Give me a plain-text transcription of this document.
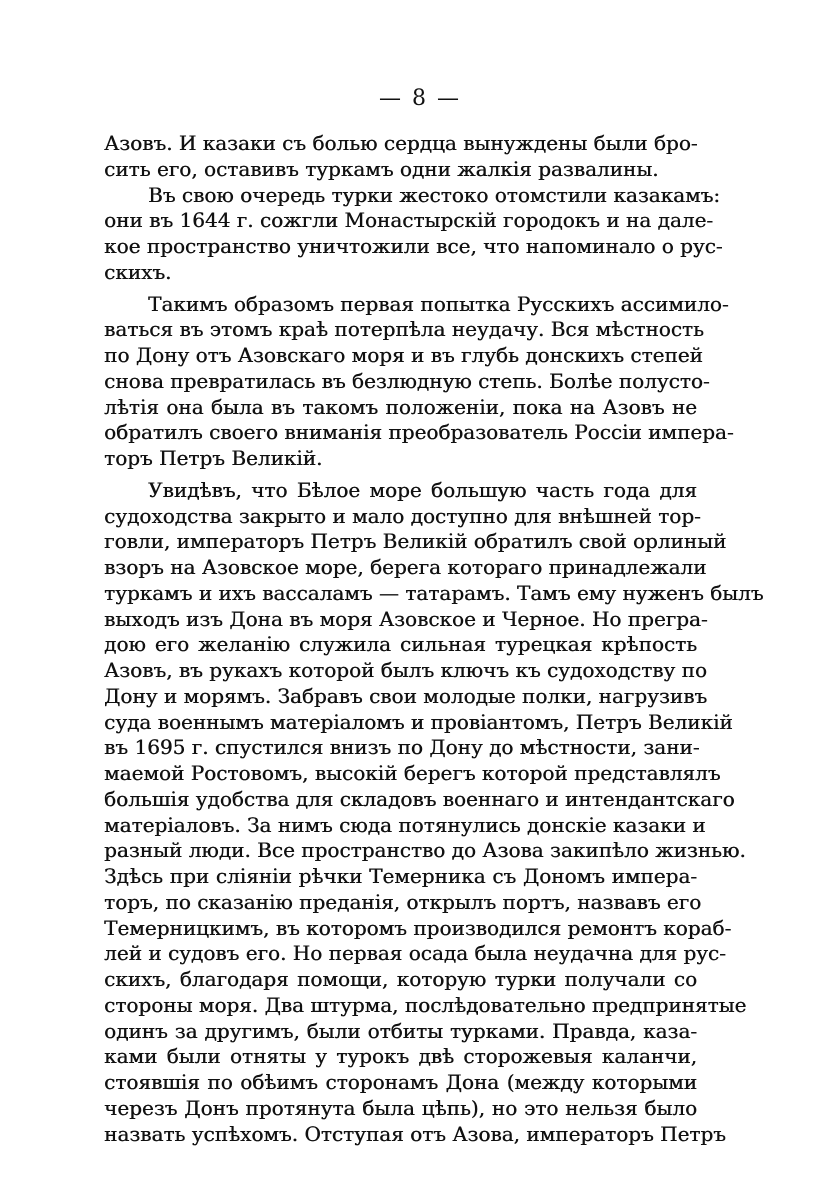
— 8 —
Азовъ. И казаки съ болью сердца вынуждены были бро-
сить его, оставивъ туркамъ одни жалкія развалины.
Въ свою очередь турки жестоко отомстили казакамъ:
они въ 1644 г. сожгли Монастырскій городокъ и на дале-
кое пространство уничтожили все, что напоминало о рус-
скихъ.
Такимъ образомъ первая попытка Русскихъ ассимило-
ваться въ этомъ краѣ потерпѣла неудачу. Вся мѣстность
по Дону отъ Азовскаго моря и въ глубь донскихъ степей
снова превратилась въ безлюдную степь. Болѣе полусто-
лѣтія она была въ такомъ положеніи, пока на Азовъ не
обратилъ своего вниманія преобразователь Россіи импера-
торъ Петръ Великій.
Увидѣвъ, что Бѣлое море большую часть года для
судоходства закрыто и мало доступно для внѣшней тор-
говли, императоръ Петръ Великій обратилъ свой орлиный
взоръ на Азовское море, берега котораго принадлежали
туркамъ и ихъ вассаламъ — татарамъ. Тамъ ему нуженъ былъ
выходъ изъ Дона въ моря Азовское и Черное. Но прегра-
дою его желанію служила сильная турецкая крѣпость
Азовъ, въ рукахъ которой былъ ключъ къ судоходству по
Дону и морямъ. Забравъ свои молодые полки, нагрузивъ
суда военнымъ матеріаломъ и провіантомъ, Петръ Великій
въ 1695 г. спустился внизъ по Дону до мѣстности, зани-
маемой Ростовомъ, высокій берегъ которой представлялъ
большія удобства для складовъ военнаго и интендантскаго
матеріаловъ. За нимъ сюда потянулись донскіе казаки и
разный люди. Все пространство до Азова закипѣло жизнью.
Здѣсь при сліяніи рѣчки Темерника съ Дономъ импера-
торъ, по сказанію преданія, открылъ портъ, назвавъ его
Темерницкимъ, въ которомъ производился ремонтъ кораб-
лей и судовъ его. Но первая осада была неудачна для рус-
скихъ, благодаря помощи, которую турки получали со
стороны моря. Два штурма, послѣдовательно предпринятые
одинъ за другимъ, были отбиты турками. Правда, каза-
ками были отняты у турокъ двѣ сторожевыя каланчи,
стоявшія по обѣимъ сторонамъ Дона (между которыми
черезъ Донъ протянута была цѣпь), но это нельзя было
назвать успѣхомъ. Отступая отъ Азова, императоръ Петръ
